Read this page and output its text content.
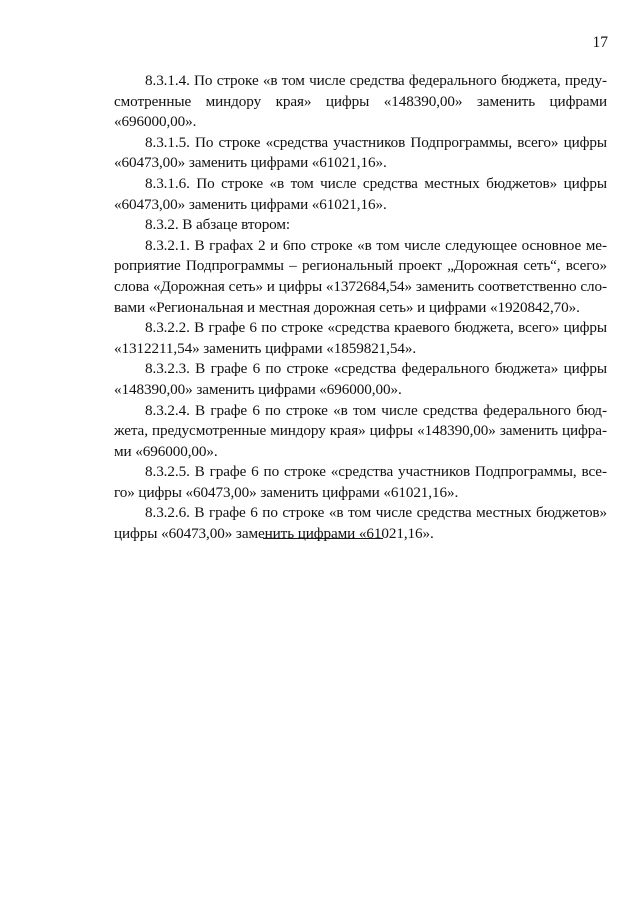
17

8.3.1.4. По строке «в том числе средства федерального бюджета, предусмотренные миндору края» цифры «148390,00» заменить цифрами «696000,00».

8.3.1.5. По строке «средства участников Подпрограммы, всего» цифры «60473,00» заменить цифрами «61021,16».

8.3.1.6. По строке «в том числе средства местных бюджетов» цифры «60473,00» заменить цифрами «61021,16».

8.3.2. В абзаце втором:

8.3.2.1. В графах 2 и 6по строке «в том числе следующее основное мероприятие Подпрограммы – региональный проект „Дорожная сеть“, всего» слова «Дорожная сеть» и цифры «1372684,54» заменить соответственно словами «Региональная и местная дорожная сеть» и цифрами «1920842,70».

8.3.2.2. В графе 6 по строке «средства краевого бюджета, всего» цифры «1312211,54» заменить цифрами «1859821,54».

8.3.2.3. В графе 6 по строке «средства федерального бюджета» цифры «148390,00» заменить цифрами «696000,00».

8.3.2.4. В графе 6 по строке «в том числе средства федерального бюджета, предусмотренные миндору края» цифры «148390,00» заменить цифрами «696000,00».

8.3.2.5. В графе 6 по строке «средства участников Подпрограммы, всего» цифры «60473,00» заменить цифрами «61021,16».

8.3.2.6. В графе 6 по строке «в том числе средства местных бюджетов» цифры «60473,00» заменить цифрами «61021,16».
